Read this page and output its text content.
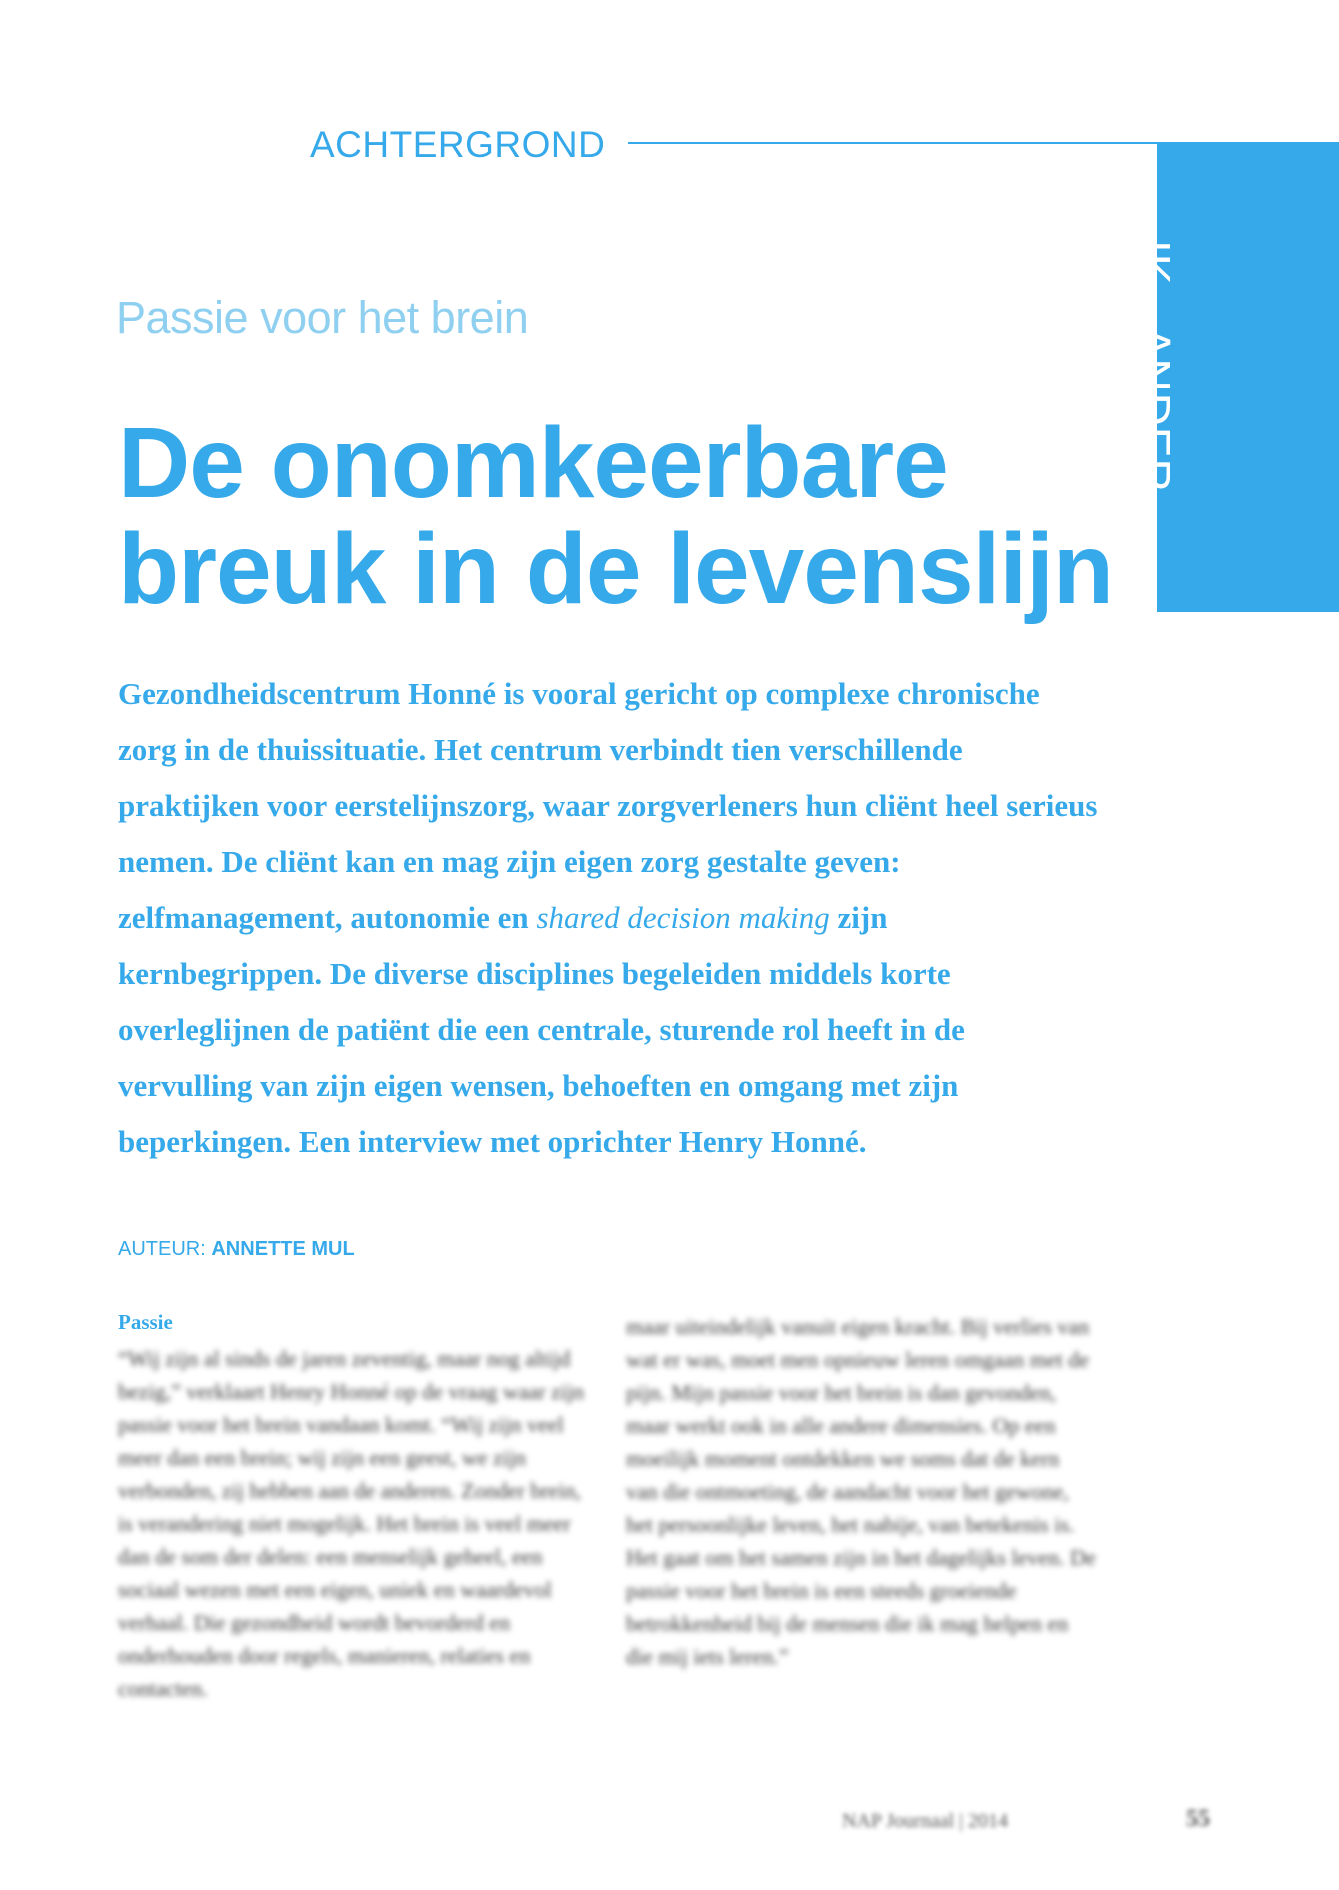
ACHTERGROND
IK - ANDER
Passie voor het brein
De onomkeerbare
breuk in de levenslijn

Gezondheidscentrum Honné is vooral gericht op complexe chronische zorg in de thuissituatie. Het centrum verbindt tien verschillende praktijken voor eerstelijnszorg, waar zorgverleners hun cliënt heel serieus nemen. De cliënt kan en mag zijn eigen zorg gestalte geven: zelfmanagement, autonomie en shared decision making zijn kernbegrippen. De diverse disciplines begeleiden middels korte overleglijnen de patiënt die een centrale, sturende rol heeft in de vervulling van zijn eigen wensen, behoeften en omgang met zijn beperkingen. Een interview met oprichter Henry Honné.

AUTEUR: ANNETTE MUL
Passie
“Wij zijn al sinds de jaren zeventig, maar nog altijd bezig,” verklaart Henry Honné op de vraag waar zijn passie voor het brein vandaan komt. “Wij zijn veel meer dan een brein; wij zijn een geest, we zijn verbonden, zij hebben aan de anderen. Zonder brein, is verandering niet mogelijk. Het brein is veel meer dan de som der delen: een menselijk geheel, een sociaal wezen met een eigen, uniek en waardevol verhaal. Die gezondheid wordt bevorderd en onderhouden door regels, manieren, relaties en contacten.
maar uiteindelijk vanuit eigen kracht. Bij verlies van wat er was, moet men opnieuw leren omgaan met de pijn. Mijn passie voor het brein is dan gevonden, maar werkt ook in alle andere dimensies. Op een moeilijk moment ontdekken we soms dat de kern van die ontmoeting, de aandacht voor het gewone, het persoonlijke leven, het nabije, van betekenis is. Het gaat om het samen zijn in het dagelijks leven. De passie voor het brein is een steeds groeiende betrokkenheid bij de mensen die ik mag helpen en die mij iets leren.”
NAP Journaal | 2014	55
